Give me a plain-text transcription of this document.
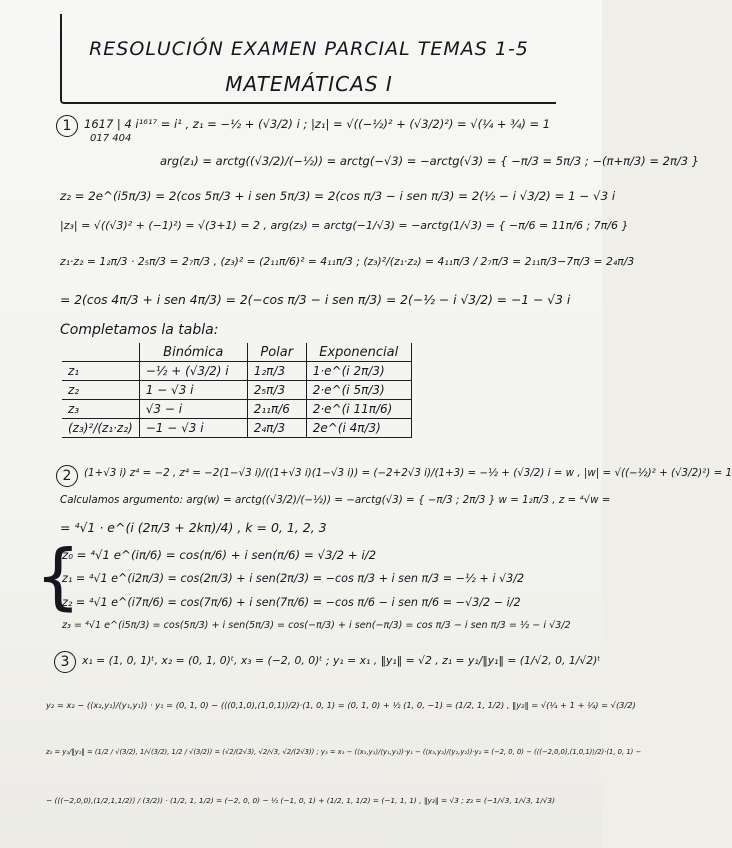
RESOLUCIÓN EXAMEN PARCIAL TEMAS 1-5
MATEMÁTICAS I
1	1617 | 4 i¹⁶¹⁷ = i¹ , z₁ = −½ + (√3/2) i ; |z₁| = √((−½)² + (√3/2)²) = √(¼ + ¾) = 1
017 404
arg(z₁) = arctg((√3/2)/(−½)) = arctg(−√3) = −arctg(√3) = { −π/3 = 5π/3 ; −(π+π/3) = 2π/3 }
z₂ = 2e^(i5π/3) = 2(cos 5π/3 + i sen 5π/3) = 2(cos π/3 − i sen π/3) = 2(½ − i √3/2) = 1 − √3 i
|z₃| = √((√3)² + (−1)²) = √(3+1) = 2 , arg(z₃) = arctg(−1/√3) = −arctg(1/√3) = { −π/6 = 11π/6 ; 7π/6 }
z₁·z₂ = 1₂π/3 · 2₅π/3 = 2₇π/3 , (z₃)² = (2₁₁π/6)² = 4₁₁π/3 ; (z₃)²/(z₁·z₂) = 4₁₁π/3 / 2₇π/3 = 2₁₁π/3−7π/3 = 2₄π/3
= 2(cos 4π/3 + i sen 4π/3) = 2(−cos π/3 − i sen π/3) = 2(−½ − i √3/2) = −1 − √3 i
Completamos la tabla:
	Binómica	Polar	Exponencial
z₁	−½ + (√3/2) i	1₂π/3	1·e^(i 2π/3)
z₂	1 − √3 i	2₅π/3	2·e^(i 5π/3)
z₃	√3 − i	2₁₁π/6	2·e^(i 11π/6)
(z₃)²/(z₁·z₂)	−1 − √3 i	2₄π/3	2e^(i 4π/3)
2	(1+√3 i) z⁴ = −2 , z⁴ = −2(1−√3 i)/((1+√3 i)(1−√3 i)) = (−2+2√3 i)/(1+3) = −½ + (√3/2) i = w , |w| = √((−½)² + (√3/2)²) = 1
Calculamos argumento: arg(w) = arctg((√3/2)/(−½)) = −arctg(√3) = { −π/3 ; 2π/3 } w = 1₂π/3 , z = ⁴√w =
= ⁴√1 · e^(i (2π/3 + 2kπ)/4) , k = 0, 1, 2, 3
{
z₀ = ⁴√1 e^(iπ/6) = cos(π/6) + i sen(π/6) = √3/2 + i/2
z₁ = ⁴√1 e^(i2π/3) = cos(2π/3) + i sen(2π/3) = −cos π/3 + i sen π/3 = −½ + i √3/2
z₂ = ⁴√1 e^(i7π/6) = cos(7π/6) + i sen(7π/6) = −cos π/6 − i sen π/6 = −√3/2 − i/2
z₃ = ⁴√1 e^(i5π/3) = cos(5π/3) + i sen(5π/3) = cos(−π/3) + i sen(−π/3) = cos π/3 − i sen π/3 = ½ − i √3/2
3	x₁ = (1, 0, 1)ᵗ, x₂ = (0, 1, 0)ᵗ, x₃ = (−2, 0, 0)ᵗ ; y₁ = x₁ , ‖y₁‖ = √2 , z₁ = y₁/‖y₁‖ = (1/√2, 0, 1/√2)ᵗ
y₂ = x₂ − (⟨x₂,y₁⟩/⟨y₁,y₁⟩) · y₁ = (0, 1, 0) − (⟨(0,1,0),(1,0,1)⟩/2)·(1, 0, 1) = (0, 1, 0) + ½ (1, 0, −1) = (1/2, 1, 1/2) , ‖y₂‖ = √(¼ + 1 + ¼) = √(3/2)
z₂ = y₂/‖y₂‖ = (1/2 / √(3/2), 1/√(3/2), 1/2 / √(3/2)) = (√2/(2√3), √2/√3, √2/(2√3)) ; y₃ = x₃ − (⟨x₃,y₁⟩/⟨y₁,y₁⟩)·y₁ − (⟨x₃,y₂⟩/⟨y₂,y₂⟩)·y₂ = (−2, 0, 0) − (⟨(−2,0,0),(1,0,1)⟩/2)·(1, 0, 1) −
− (⟨(−2,0,0),(1/2,1,1/2)⟩ / (3/2)) · (1/2, 1, 1/2) = (−2, 0, 0) − ½ (−1, 0, 1) + (1/2, 1, 1/2) = (−1, 1, 1) , ‖y₃‖ = √3 ; z₃ = (−1/√3, 1/√3, 1/√3)
